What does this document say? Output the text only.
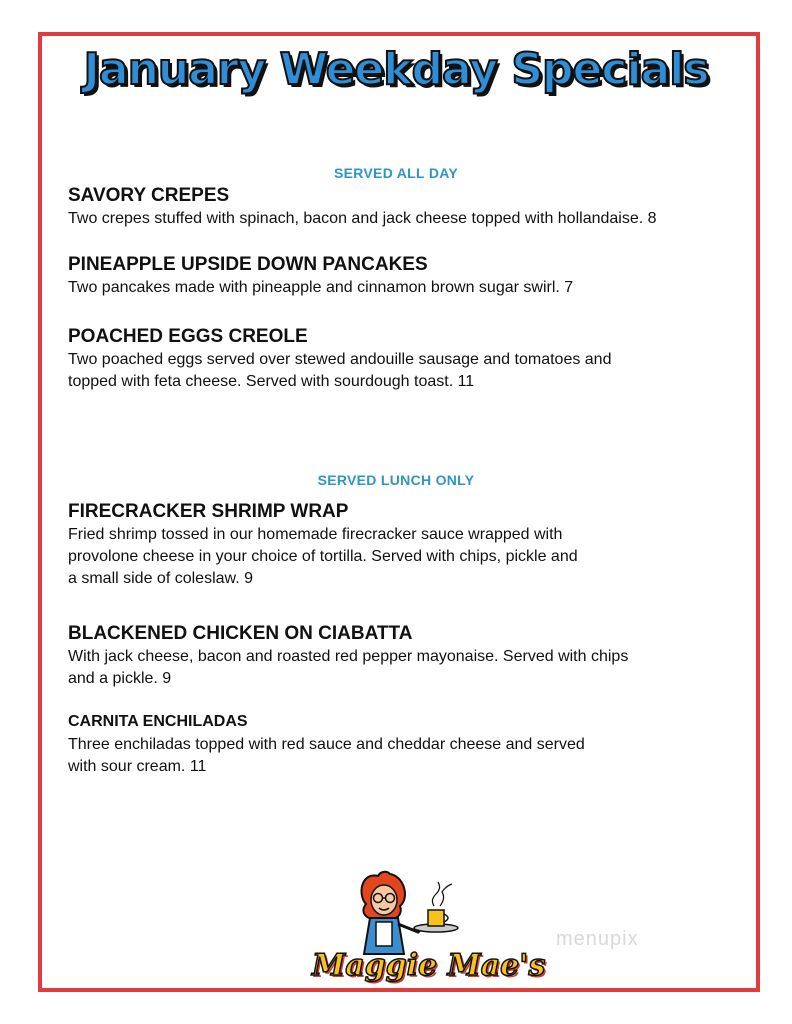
January Weekday Specials
SERVED ALL DAY
SAVORY CREPES
Two crepes stuffed with spinach, bacon and jack cheese topped with hollandaise. 8
PINEAPPLE UPSIDE DOWN PANCAKES
Two pancakes made with pineapple and cinnamon brown sugar swirl. 7
POACHED EGGS CREOLE
Two poached eggs served over stewed andouille sausage and tomatoes and
topped with feta cheese. Served with sourdough toast. 11
SERVED LUNCH ONLY
FIRECRACKER SHRIMP WRAP
Fried shrimp tossed in our homemade firecracker sauce wrapped with
provolone cheese in your choice of tortilla. Served with chips, pickle and
a small side of coleslaw. 9
BLACKENED CHICKEN ON CIABATTA
With jack cheese, bacon and roasted red pepper mayonaise. Served with chips
and a pickle. 9
CARNITA ENCHILADAS
Three enchiladas topped with red sauce and cheddar cheese and served
with sour cream. 11
Maggie Mae's
menupix
